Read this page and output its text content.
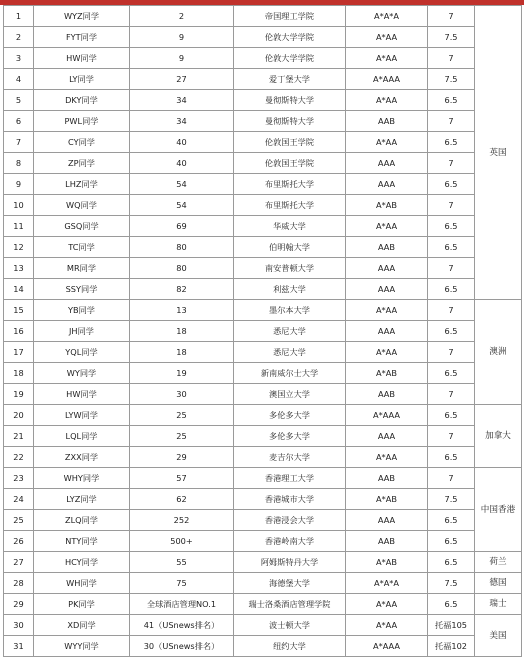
1	WYZ同学	2	帝国理工学院	A*A*A	7	英国
2	FYT同学	9	伦敦大学学院	A*AA	7.5	
3	HW同学	9	伦敦大学学院	A*AA	7	
4	LY同学	27	爱丁堡大学	A*AAA	7.5	
5	DKY同学	34	曼彻斯特大学	A*AA	6.5	
6	PWL同学	34	曼彻斯特大学	AAB	7	
7	CY同学	40	伦敦国王学院	A*AA	6.5	
8	ZP同学	40	伦敦国王学院	AAA	7	
9	LHZ同学	54	布里斯托大学	AAA	6.5	
10	WQ同学	54	布里斯托大学	A*AB	7	
11	GSQ同学	69	华威大学	A*AA	6.5	
12	TC同学	80	伯明翰大学	AAB	6.5	
13	MR同学	80	南安普顿大学	AAA	7	
14	SSY同学	82	利兹大学	AAA	6.5	
15	YB同学	13	墨尔本大学	A*AA	7	澳洲
16	JH同学	18	悉尼大学	AAA	6.5	
17	YQL同学	18	悉尼大学	A*AA	7	
18	WY同学	19	新南威尔士大学	A*AB	6.5	
19	HW同学	30	澳国立大学	AAB	7	
20	LYW同学	25	多伦多大学	A*AAA	6.5	加拿大
21	LQL同学	25	多伦多大学	AAA	7	
22	ZXX同学	29	麦吉尔大学	A*AA	6.5	
23	WHY同学	57	香港理工大学	AAB	7	中国香港
24	LYZ同学	62	香港城市大学	A*AB	7.5	
25	ZLQ同学	252	香港浸会大学	AAA	6.5	
26	NTY同学	500+	香港岭南大学	AAB	6.5	
27	HCY同学	55	阿姆斯特丹大学	A*AB	6.5	荷兰
28	WH同学	75	海德堡大学	A*A*A	7.5	德国
29	PK同学	全球酒店管理NO.1	瑞士洛桑酒店管理学院	A*AA	6.5	瑞士
30	XD同学	41（USnews排名）	波士顿大学	A*AA	托福105	美国
31	WYY同学	30（USnews排名）	纽约大学	A*AAA	托福102	
